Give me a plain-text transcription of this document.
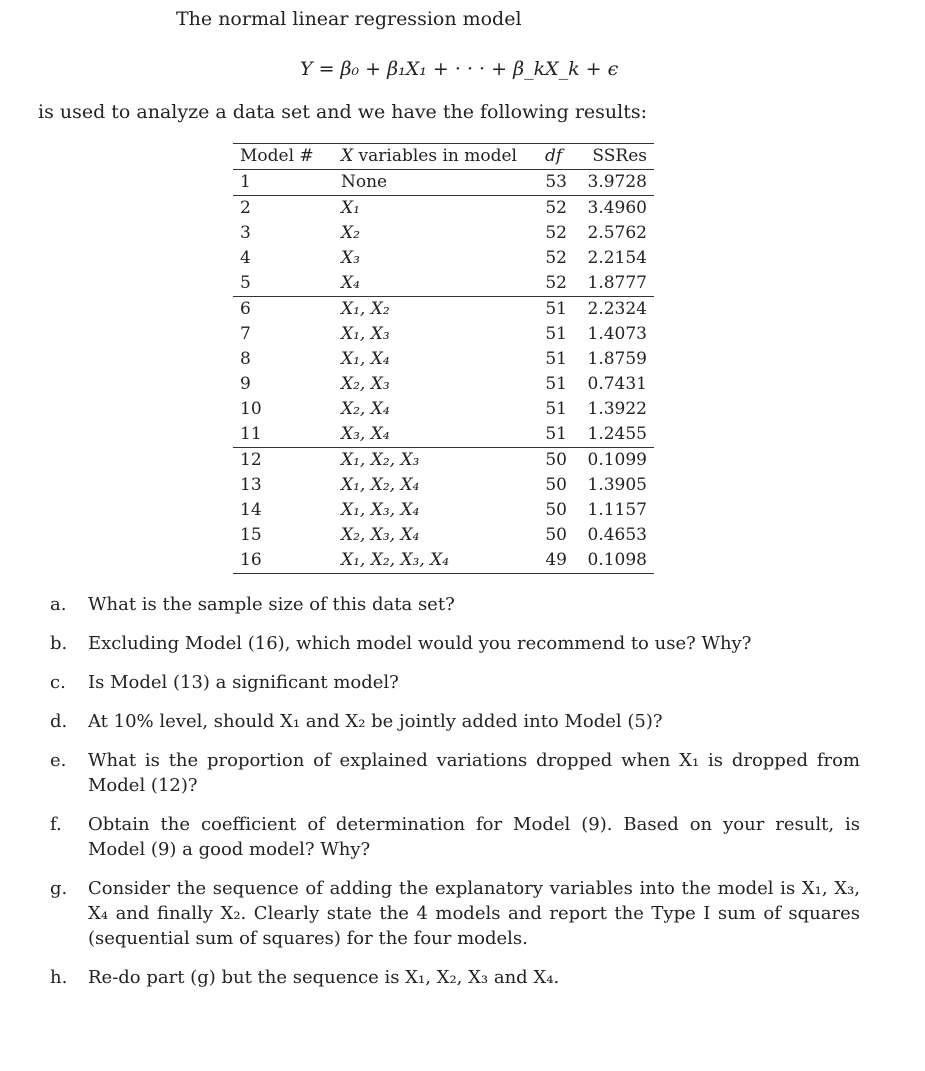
The normal linear regression model
Y = β₀ + β₁X₁ + · · · + β_kX_k + ϵ
is used to analyze a data set and we have the following results:
Model #	X variables in model	df	SSRes
1	None	53	3.9728
2	X₁	52	3.4960
3	X₂	52	2.5762
4	X₃	52	2.2154
5	X₄	52	1.8777
6	X₁, X₂	51	2.2324
7	X₁, X₃	51	1.4073
8	X₁, X₄	51	1.8759
9	X₂, X₃	51	0.7431
10	X₂, X₄	51	1.3922
11	X₃, X₄	51	1.2455
12	X₁, X₂, X₃	50	0.1099
13	X₁, X₂, X₄	50	1.3905
14	X₁, X₃, X₄	50	1.1157
15	X₂, X₃, X₄	50	0.4653
16	X₁, X₂, X₃, X₄	49	0.1098
a.	What is the sample size of this data set?
b.	Excluding Model (16), which model would you recommend to use? Why?
c.	Is Model (13) a significant model?
d.	At 10% level, should X₁ and X₂ be jointly added into Model (5)?
e.	What is the proportion of explained variations dropped when X₁ is dropped from Model (12)?
f.	Obtain the coefficient of determination for Model (9). Based on your result, is Model (9) a good model? Why?
g.	Consider the sequence of adding the explanatory variables into the model is X₁, X₃, X₄ and finally X₂. Clearly state the 4 models and report the Type I sum of squares (sequential sum of squares) for the four models.
h.	Re-do part (g) but the sequence is X₁, X₂, X₃ and X₄.
